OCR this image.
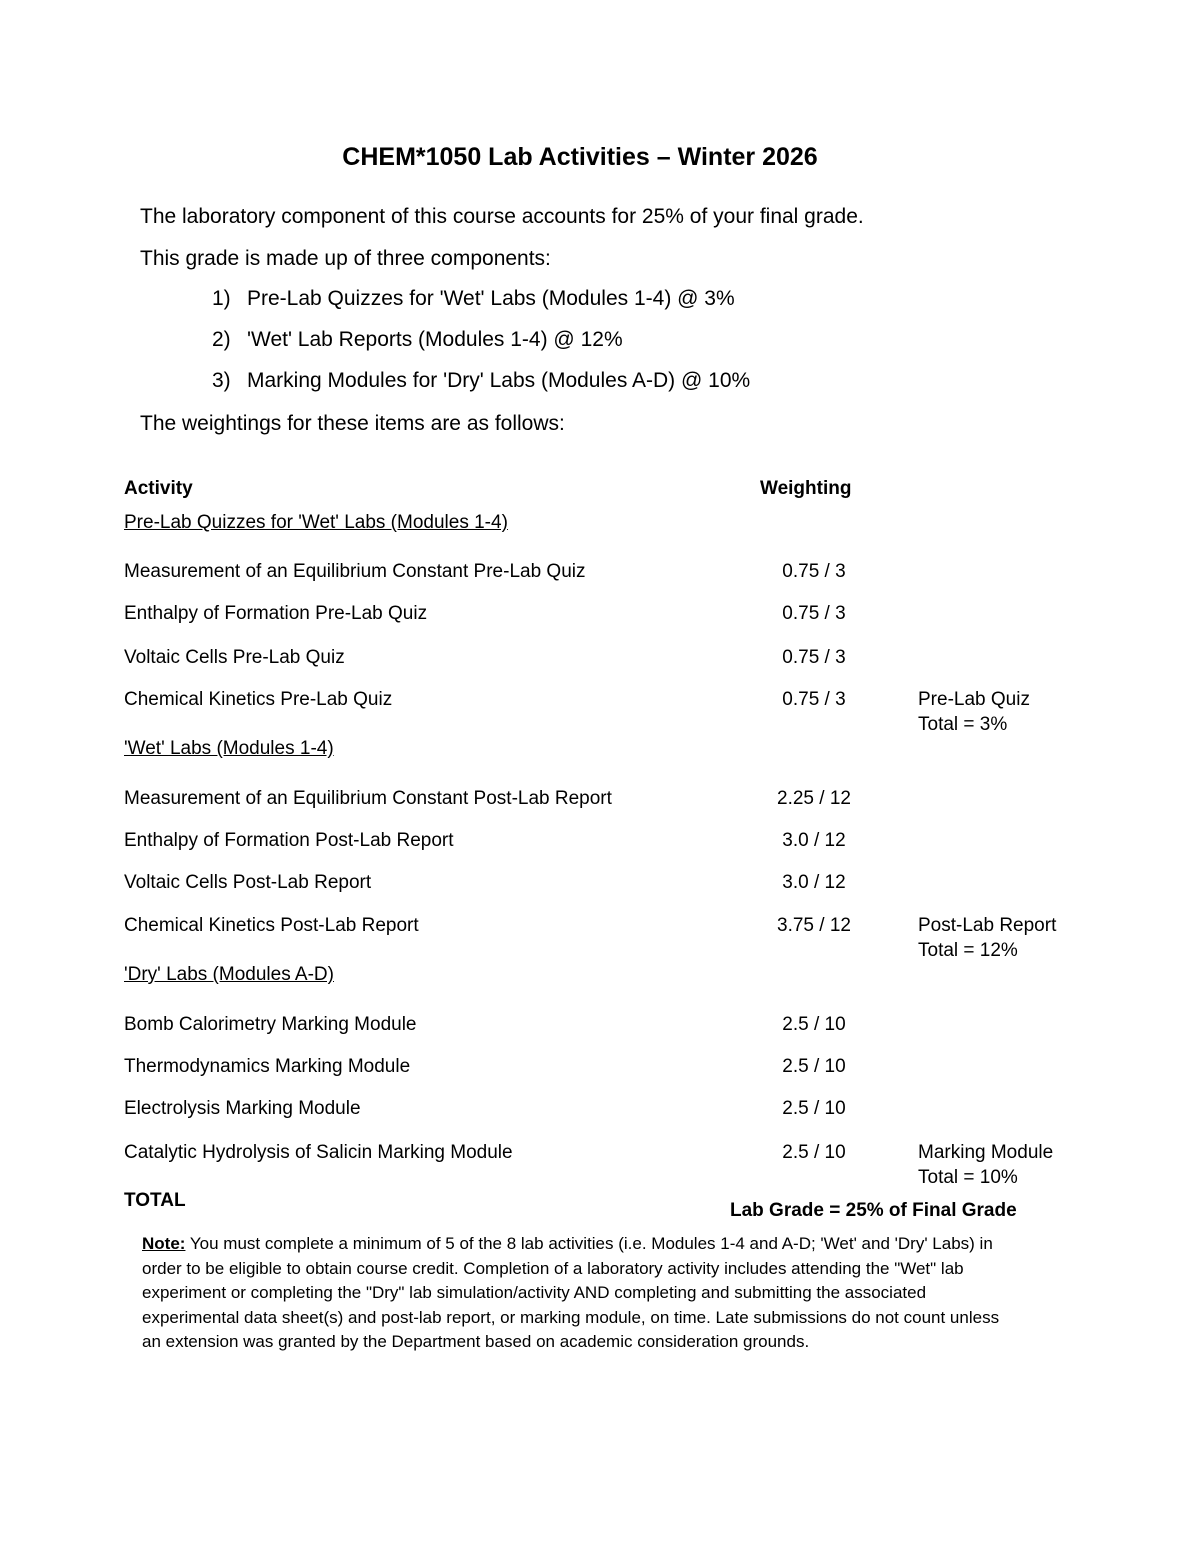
CHEM*1050 Lab Activities – Winter 2026
The laboratory component of this course accounts for 25% of your final grade.
This grade is made up of three components:
1) Pre-Lab Quizzes for 'Wet' Labs (Modules 1-4) @ 3%
2) 'Wet' Lab Reports (Modules 1-4) @ 12%
3) Marking Modules for 'Dry' Labs (Modules A-D) @ 10%
The weightings for these items are as follows:
Activity	Weighting
Pre-Lab Quizzes for 'Wet' Labs (Modules 1-4)
Measurement of an Equilibrium Constant Pre-Lab Quiz	0.75 / 3
Enthalpy of Formation Pre-Lab Quiz	0.75 / 3
Voltaic Cells Pre-Lab Quiz	0.75 / 3
Chemical Kinetics Pre-Lab Quiz	0.75 / 3	Pre-Lab Quiz
Total = 3%
'Wet' Labs (Modules 1-4)
Measurement of an Equilibrium Constant Post-Lab Report	2.25 / 12
Enthalpy of Formation Post-Lab Report	3.0 / 12
Voltaic Cells Post-Lab Report	3.0 / 12
Chemical Kinetics Post-Lab Report	3.75 / 12	Post-Lab Report
Total = 12%
'Dry' Labs (Modules A-D)
Bomb Calorimetry Marking Module	2.5 / 10
Thermodynamics Marking Module	2.5 / 10
Electrolysis Marking Module	2.5 / 10
Catalytic Hydrolysis of Salicin Marking Module	2.5 / 10	Marking Module
Total = 10%
TOTAL	Lab Grade = 25% of Final Grade
Note: You must complete a minimum of 5 of the 8 lab activities (i.e. Modules 1-4 and A-D; 'Wet' and 'Dry' Labs) in order to be eligible to obtain course credit. Completion of a laboratory activity includes attending the "Wet" lab experiment or completing the "Dry" lab simulation/activity AND completing and submitting the associated experimental data sheet(s) and post-lab report, or marking module, on time. Late submissions do not count unless an extension was granted by the Department based on academic consideration grounds.
